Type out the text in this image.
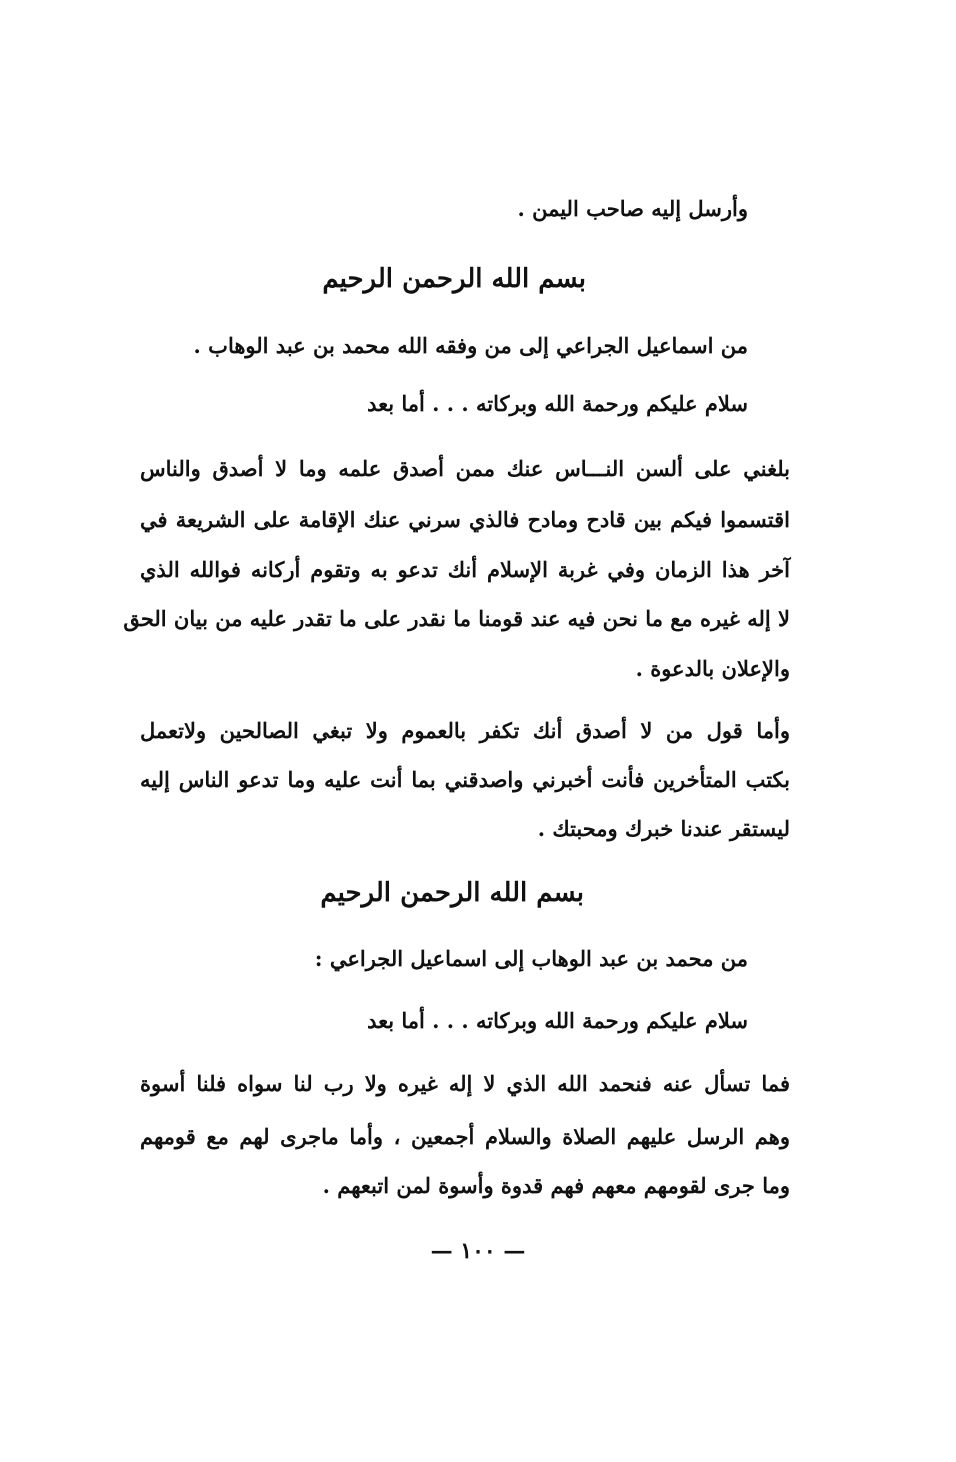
وأرسل إليه صاحب اليمن .
بسم الله الرحمن الرحيم
من اسماعيل الجراعي إلى من وفقه الله محمد بن عبد الوهاب .
سلام عليكم ورحمة الله وبركاته . . . أما بعد
بلغني على ألسن النـــاس عنك ممن أصدق علمه وما لا أصدق والناس
اقتسموا فيكم بين قادح ومادح فالذي سرني عنك الإقامة على الشريعة في
آخر هذا الزمان وفي غربة الإسلام أنك تدعو به وتقوم أركانه فوالله الذي
لا إله غيره مع ما نحن فيه عند قومنا ما نقدر على ما تقدر عليه من بيان الحق
والإعلان بالدعوة .
وأما قول من لا أصدق أنك تكفر بالعموم ولا تبغي الصالحين ولاتعمل
بكتب المتأخرين فأنت أخبرني واصدقني بما أنت عليه وما تدعو الناس إليه
ليستقر عندنا خبرك ومحبتك .
بسم الله الرحمن الرحيم
من محمد بن عبد الوهاب إلى اسماعيل الجراعي :
سلام عليكم ورحمة الله وبركاته . . . أما بعد
فما تسأل عنه فنحمد الله الذي لا إله غيره ولا رب لنا سواه فلنا أسوة
وهم الرسل عليهم الصلاة والسلام أجمعين ، وأما ماجرى لهم مع قومهم
وما جرى لقومهم معهم فهم قدوة وأسوة لمن اتبعهم .
— ١٠٠ —
